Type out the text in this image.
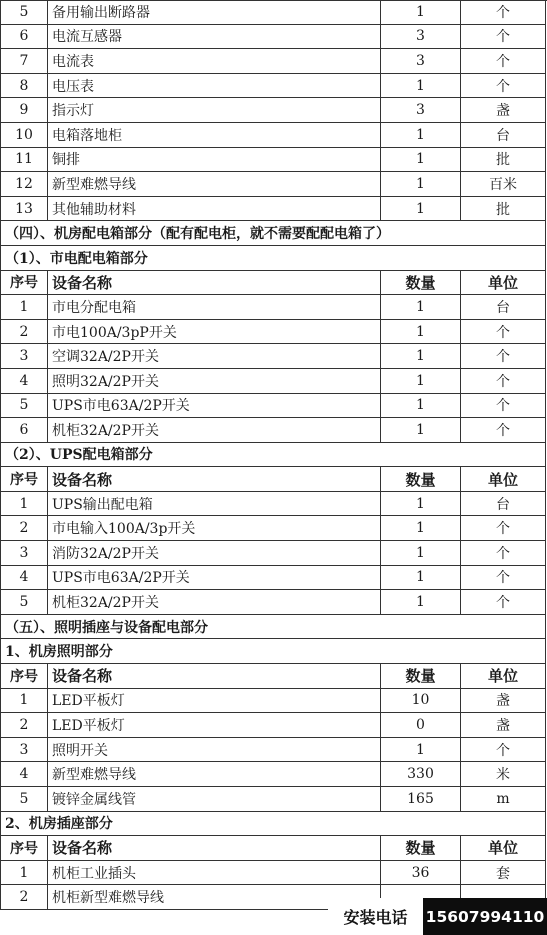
5	备用输出断路器	1	个
6	电流互感器	3	个
7	电流表	3	个
8	电压表	1	个
9	指示灯	3	盏
10	电箱落地柜	1	台
11	铜排	1	批
12	新型难燃导线	1	百米
13	其他辅助材料	1	批
（四）、机房配电箱部分（配有配电柜，就不需要配配电箱了）
（1）、市电配电箱部分
序号 设备名称	数量	单位
1	市电分配电箱	1	台
2	市电100A/3pP开关	1	个
3	空调32A/2P开关	1	个
4	照明32A/2P开关	1	个
5	UPS市电63A/2P开关	1	个
6	机柜32A/2P开关	1	个
（2）、UPS配电箱部分
序号 设备名称	数量	单位
1	UPS输出配电箱	1	台
2	市电输入100A/3p开关	1	个
3	消防32A/2P开关	1	个
4	UPS市电63A/2P开关	1	个
5	机柜32A/2P开关	1	个
（五）、照明插座与设备配电部分
1、机房照明部分
序号 设备名称	数量	单位
1	LED平板灯	10	盏
2	LED平板灯	0	盏
3	照明开关	1	个
4	新型难燃导线	330	米
5	镀锌金属线管	165	m
2、机房插座部分
序号 设备名称	数量	单位
1	机柜工业插头	36	套
2	机柜新型难燃导线
安装电话	15607994110
